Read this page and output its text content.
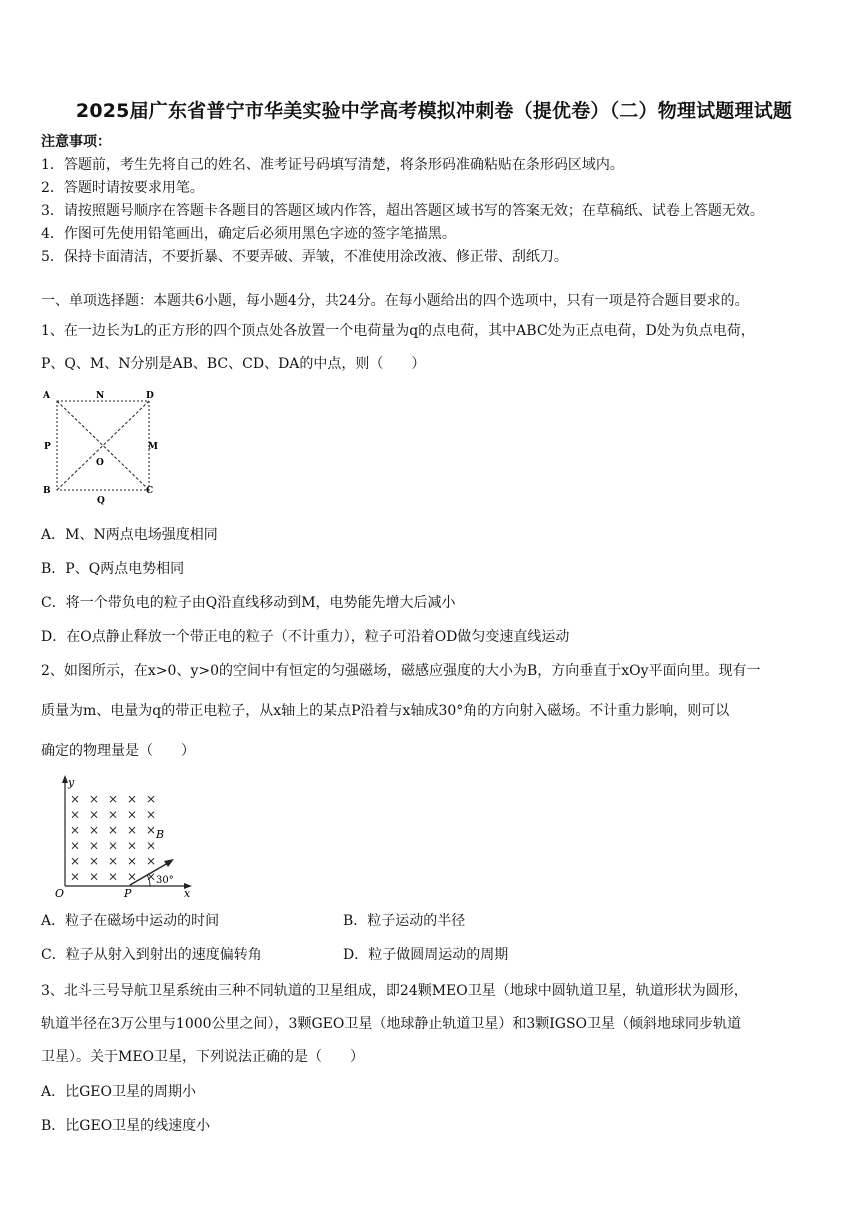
2025届广东省普宁市华美实验中学高考模拟冲刺卷（提优卷）（二）物理试题理试题
注意事项：
1．答题前，考生先将自己的姓名、准考证号码填写清楚，将条形码准确粘贴在条形码区域内。
2．答题时请按要求用笔。
3．请按照题号顺序在答题卡各题目的答题区域内作答，超出答题区域书写的答案无效；在草稿纸、试卷上答题无效。
4．作图可先使用铅笔画出，确定后必须用黑色字迹的签字笔描黑。
5．保持卡面清洁，不要折暴、不要弄破、弄皱，不准使用涂改液、修正带、刮纸刀。
一、单项选择题：本题共6小题，每小题4分，共24分。在每小题给出的四个选项中，只有一项是符合题目要求的。
1、在一边长为L的正方形的四个顶点处各放置一个电荷量为q的点电荷，其中ABC处为正点电荷，D处为负点电荷，
P、Q、M、N分别是AB、BC、CD、DA的中点，则（　　）
A	N	D
P	M
O
B
Q
C
A．M、N两点电场强度相同
B．P、Q两点电势相同
C．将一个带负电的粒子由Q沿直线移动到M，电势能先增大后减小
D．在O点静止释放一个带正电的粒子（不计重力），粒子可沿着OD做匀变速直线运动
2、如图所示，在x>0、y>0的空间中有恒定的匀强磁场，磁感应强度的大小为B，方向垂直于xOy平面向里。现有一
质量为m、电量为q的带正电粒子，从x轴上的某点P沿着与x轴成30°角的方向射入磁场。不计重力影响，则可以
确定的物理量是（　　）
y
x
O	P
B
× × × × ×
× × × × ×
× × × × ×
× × × × ×
× × × × ×
× × × × × 30°
A．粒子在磁场中运动的时间	B．粒子运动的半径
C．粒子从射入到射出的速度偏转角	D．粒子做圆周运动的周期
3、北斗三号导航卫星系统由三种不同轨道的卫星组成，即24颗MEO卫星（地球中圆轨道卫星，轨道形状为圆形，
轨道半径在3万公里与1000公里之间），3颗GEO卫星（地球静止轨道卫星）和3颗IGSO卫星（倾斜地球同步轨道
卫星）。关于MEO卫星，下列说法正确的是（　　）
A．比GEO卫星的周期小
B．比GEO卫星的线速度小
